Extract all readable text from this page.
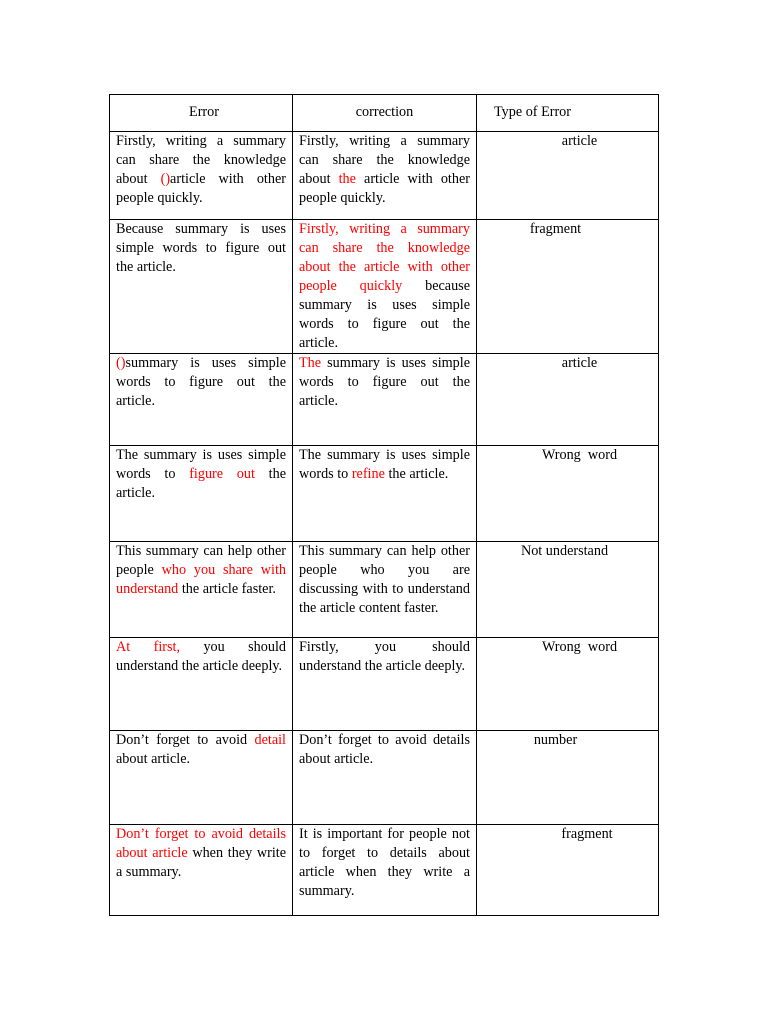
Error	correction	Type of Error
Firstly, writing a summary can share the knowledge about ()article with other people quickly.	Firstly, writing a summary can share the knowledge about the article with other people quickly.	article
Because summary is uses simple words to figure out the article.	Firstly, writing a summary can share the knowledge about the article with other people quickly because summary is uses simple words to figure out the article.	fragment
()summary is uses simple words to figure out the article.	The summary is uses simple words to figure out the article.	article
The summary is uses simple words to figure out the article.	The summary is uses simple words to refine the article.	Wrong  word
This summary can help other people who you share with understand the article faster.	This summary can help other people who you are discussing with to understand the article content faster.	Not understand
At first, you should understand the article deeply.	Firstly, you should understand the article deeply.	Wrong  word
Don’t forget to avoid detail about article.	Don’t forget to avoid details about article.	number
Don’t forget to avoid details about article when they write a summary.	It is important for people not to forget to details about article when they write a summary.	fragment
